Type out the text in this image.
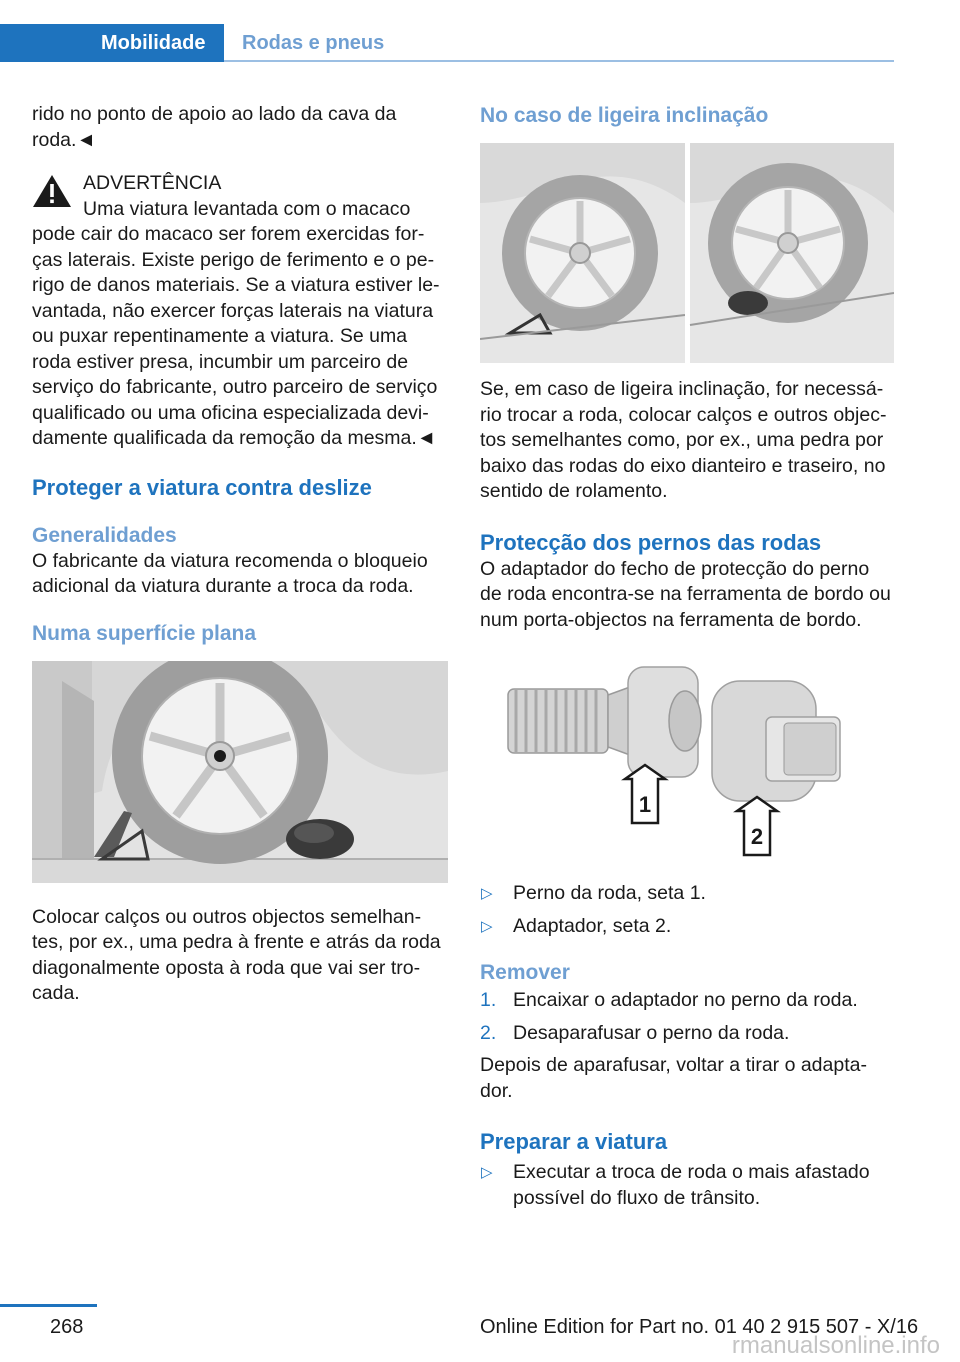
Mobilidade	Rodas e pneus

rido no ponto de apoio ao lado da cava da roda.◄

ADVERTÊNCIA

Uma viatura levantada com o macaco

pode cair do macaco ser forem exercidas for‐ças laterais. Existe perigo de ferimento e o pe‐rigo de danos materiais. Se a viatura estiver le‐vantada, não exercer forças laterais na viatura ou puxar repentinamente a viatura. Se uma roda estiver presa, incumbir um parceiro de serviço do fabricante, outro parceiro de serviço qualificado ou uma oficina especializada devi‐damente qualificada da remoção da mesma.◄

Proteger a viatura contra deslize
Generalidades

O fabricante da viatura recomenda o bloqueio adicional da viatura durante a troca da roda.

Numa superfície plana

Colocar calços ou outros objectos semelhan‐tes, por ex., uma pedra à frente e atrás da roda diagonalmente oposta à roda que vai ser tro‐cada.

No caso de ligeira inclinação

Se, em caso de ligeira inclinação, for necessá‐rio trocar a roda, colocar calços e outros objec‐tos semelhantes como, por ex., uma pedra por baixo das rodas do eixo dianteiro e traseiro, no sentido de rolamento.

Protecção dos pernos das rodas

O adaptador do fecho de protecção do perno de roda encontra-se na ferramenta de bordo ou num porta-objectos na ferramenta de bordo.

1
2
▷ Perno da roda, seta 1.
▷ Adaptador, seta 2.
Remover
1. Encaixar o adaptador no perno da roda.
2. Desaparafusar o perno da roda.

Depois de aparafusar, voltar a tirar o adapta‐dor.

Preparar a viatura
▷ Executar a troca de roda o mais afastado possível do fluxo de trânsito.
268	Online Edition for Part no. 01 40 2 915 507 - X/16
rmanualsonline.info
